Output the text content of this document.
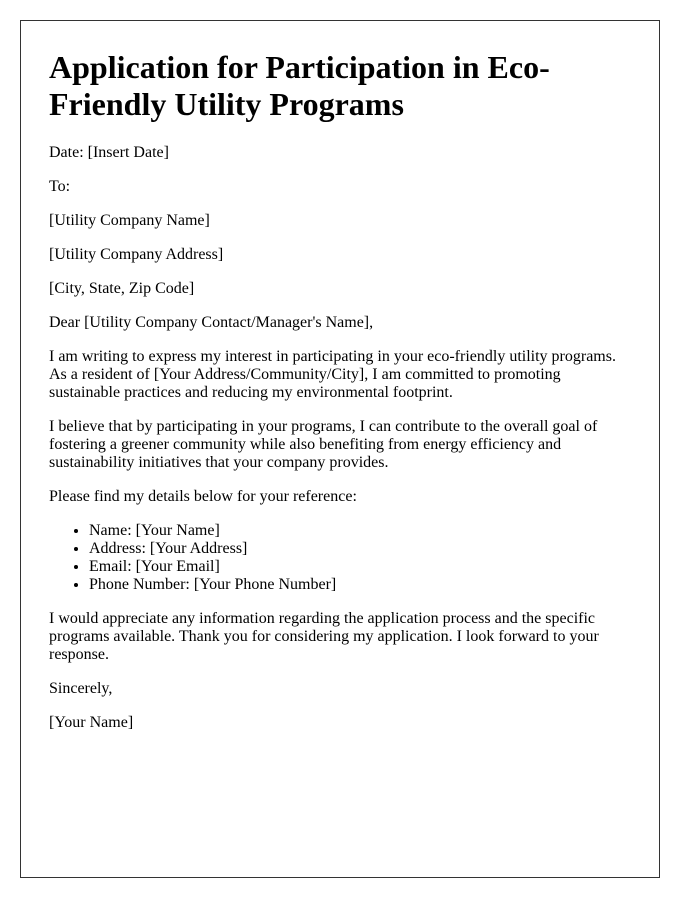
Application for Participation in Eco-Friendly Utility Programs

Date: [Insert Date]

To:

[Utility Company Name]

[Utility Company Address]

[City, State, Zip Code]

Dear [Utility Company Contact/Manager's Name],

I am writing to express my interest in participating in your eco-friendly utility programs. As a resident of [Your Address/Community/City], I am committed to promoting sustainable practices and reducing my environmental footprint.

I believe that by participating in your programs, I can contribute to the overall goal of fostering a greener community while also benefiting from energy efficiency and sustainability initiatives that your company provides.

Please find my details below for your reference:

• Name: [Your Name]
• Address: [Your Address]
• Email: [Your Email]
• Phone Number: [Your Phone Number]

I would appreciate any information regarding the application process and the specific programs available. Thank you for considering my application. I look forward to your response.

Sincerely,

[Your Name]
